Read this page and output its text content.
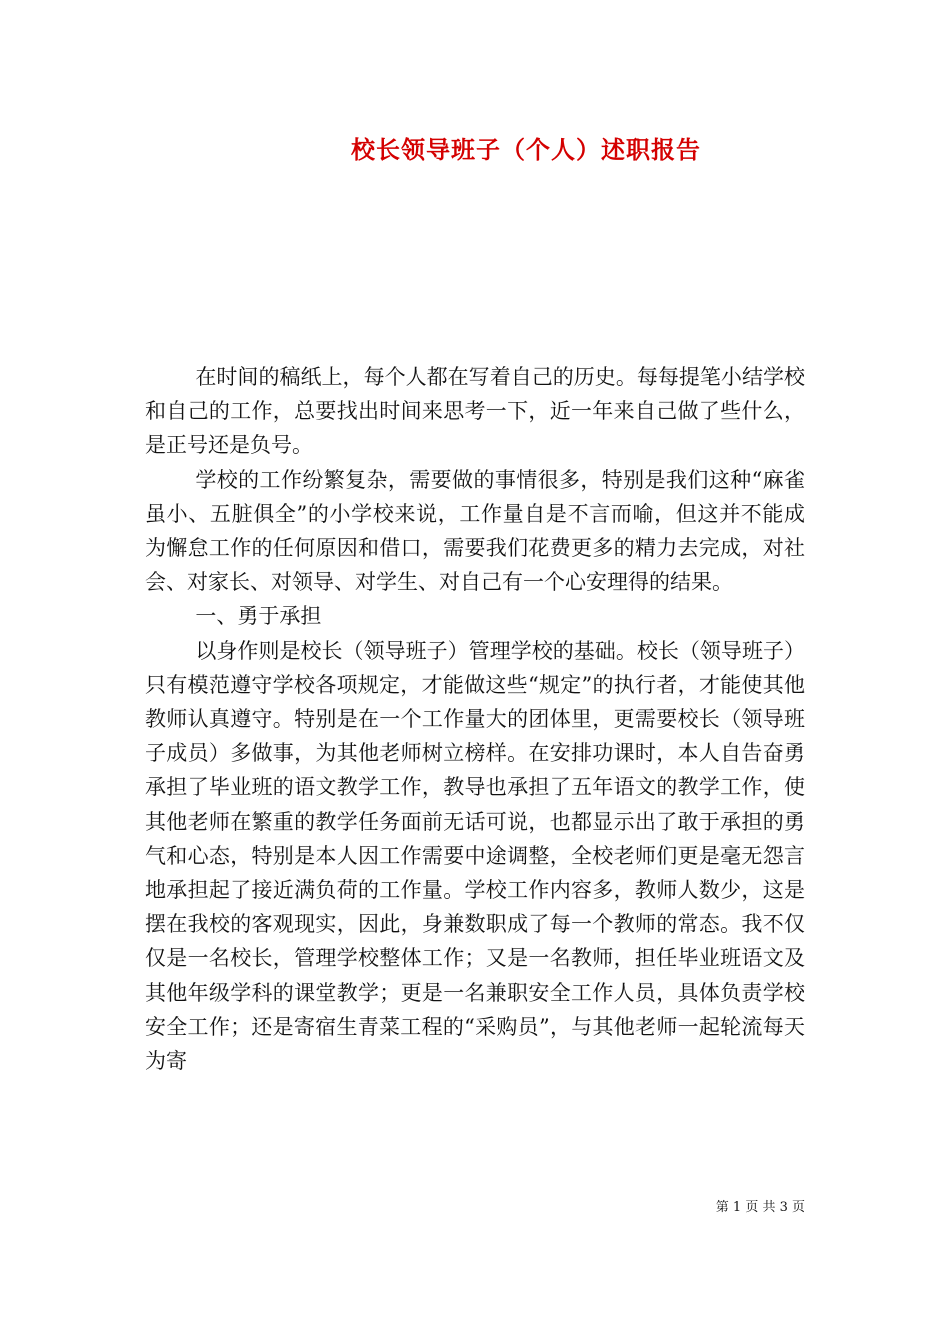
校长领导班子（个人）述职报告

在时间的稿纸上，每个人都在写着自己的历史。每每提笔小结学校和自己的工作，总要找出时间来思考一下，近一年来自己做了些什么，是正号还是负号。

学校的工作纷繁复杂，需要做的事情很多，特别是我们这种“麻雀虽小、五脏俱全”的小学校来说，工作量自是不言而喻，但这并不能成为懈怠工作的任何原因和借口，需要我们花费更多的精力去完成，对社会、对家长、对领导、对学生、对自己有一个心安理得的结果。

一、勇于承担

以身作则是校长（领导班子）管理学校的基础。校长（领导班子）只有模范遵守学校各项规定，才能做这些“规定”的执行者，才能使其他教师认真遵守。特别是在一个工作量大的团体里，更需要校长（领导班子成员）多做事，为其他老师树立榜样。在安排功课时，本人自告奋勇承担了毕业班的语文教学工作，教导也承担了五年语文的教学工作，使其他老师在繁重的教学任务面前无话可说，也都显示出了敢于承担的勇气和心态，特别是本人因工作需要中途调整，全校老师们更是毫无怨言地承担起了接近满负荷的工作量。学校工作内容多，教师人数少，这是摆在我校的客观现实，因此，身兼数职成了每一个教师的常态。我不仅仅是一名校长，管理学校整体工作；又是一名教师，担任毕业班语文及其他年级学科的课堂教学；更是一名兼职安全工作人员，具体负责学校安全工作；还是寄宿生青菜工程的“采购员”，与其他老师一起轮流每天为寄

第 1 页 共 3 页
